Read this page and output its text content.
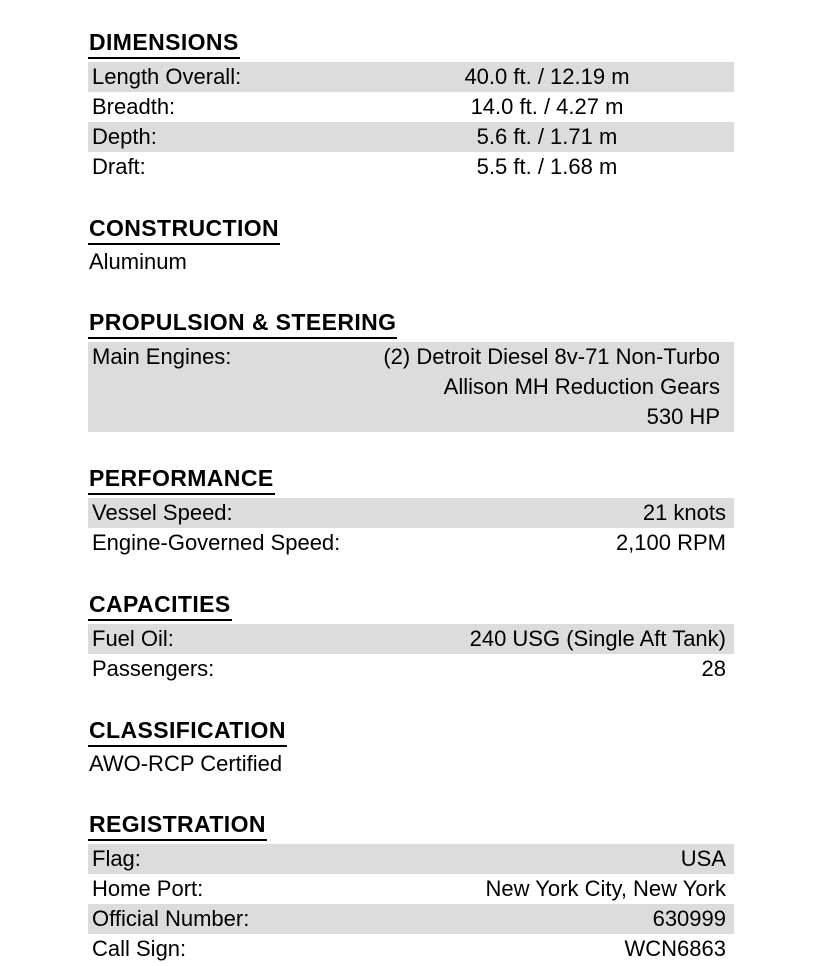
DIMENSIONS
Length Overall:	40.0 ft. / 12.19 m
Breadth:	14.0 ft. / 4.27 m
Depth:	5.6 ft. / 1.71 m
Draft:	5.5 ft. / 1.68 m
CONSTRUCTION
Aluminum
PROPULSION & STEERING
Main Engines:	(2) Detroit Diesel 8v-71 Non-Turbo
Allison MH Reduction Gears
530 HP
PERFORMANCE
Vessel Speed:	21 knots
Engine-Governed Speed:	2,100 RPM
CAPACITIES
Fuel Oil:	240 USG (Single Aft Tank)
Passengers:	28
CLASSIFICATION
AWO-RCP Certified
REGISTRATION
Flag:	USA
Home Port:	New York City, New York
Official Number:	630999
Call Sign:	WCN6863
